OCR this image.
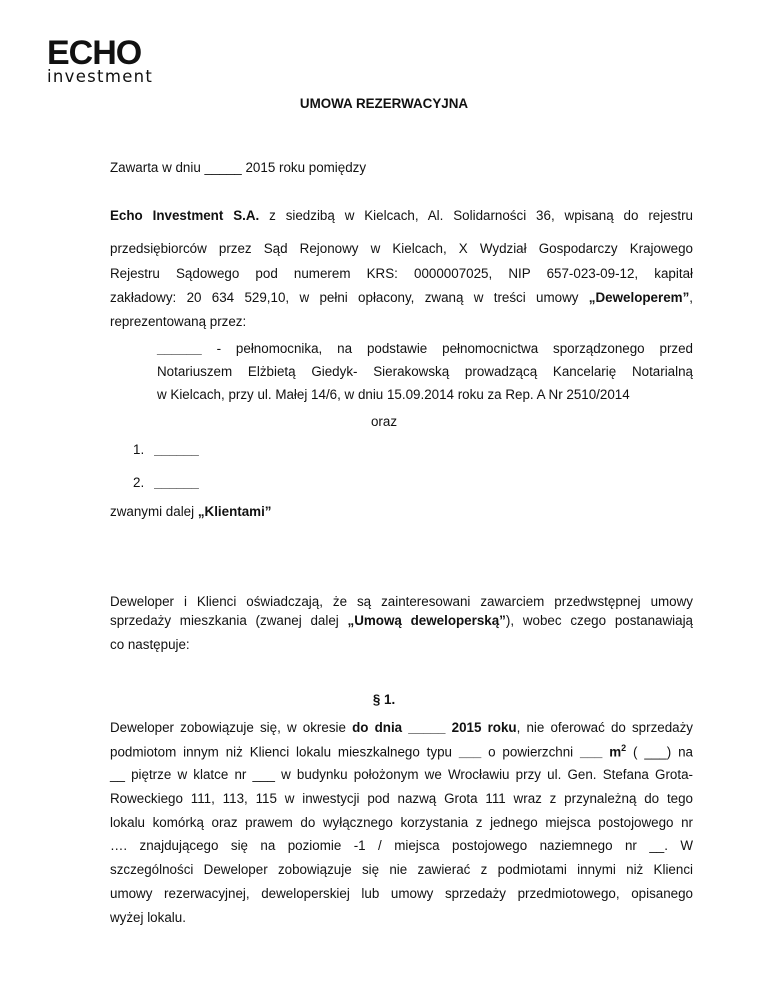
ECHO
investment
UMOWA REZERWACYJNA
Zawarta w dniu _____ 2015 roku pomiędzy
Echo Investment S.A. z siedzibą w Kielcach, Al. Solidarności 36, wpisaną do rejestru
przedsiębiorców przez Sąd Rejonowy w Kielcach, X Wydział Gospodarczy Krajowego
Rejestru Sądowego pod numerem KRS: 0000007025, NIP 657-023-09-12, kapitał
zakładowy: 20 634 529,10, w pełni opłacony, zwaną w treści umowy „Deweloperem”,
reprezentowaną przez:
______ - pełnomocnika, na podstawie pełnomocnictwa sporządzonego przed
Notariuszem Elżbietą Giedyk- Sierakowską prowadzącą Kancelarię Notarialną
w Kielcach, przy ul. Małej 14/6, w dniu 15.09.2014 roku za Rep. A Nr 2510/2014
oraz
1. ______
2. ______
zwanymi dalej „Klientami”
Deweloper i Klienci oświadczają, że są zainteresowani zawarciem przedwstępnej umowy
sprzedaży mieszkania (zwanej dalej „Umową deweloperską”), wobec czego postanawiają
co następuje:
§ 1.
Deweloper zobowiązuje się, w okresie do dnia _____ 2015 roku, nie oferować do sprzedaży
podmiotom innym niż Klienci lokalu mieszkalnego typu ___ o powierzchni ___ $m^2$ ( ___) na
__ piętrze w klatce nr ___ w budynku położonym we Wrocławiu przy ul. Gen. Stefana Grota-
Roweckiego 111, 113, 115 w inwestycji pod nazwą Grota 111 wraz z przynależną do tego
lokalu komórką oraz prawem do wyłącznego korzystania z jednego miejsca postojowego nr
…. znajdującego się na poziomie -1 / miejsca postojowego naziemnego nr __. W
szczególności Deweloper zobowiązuje się nie zawierać z podmiotami innymi niż Klienci
umowy rezerwacyjnej, deweloperskiej lub umowy sprzedaży przedmiotowego, opisanego
wyżej lokalu.
